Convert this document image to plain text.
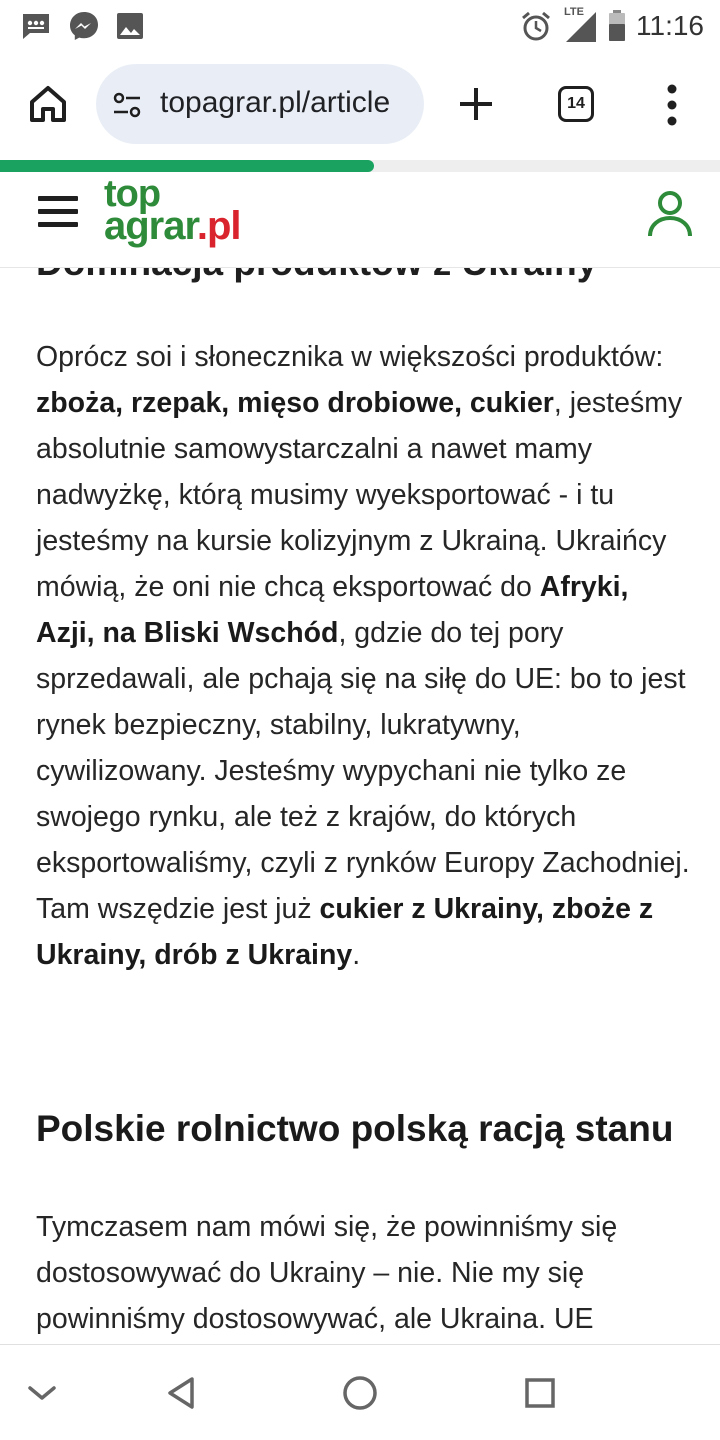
LTE 11:16
topagrar.pl/article	14
top
agrar.pl

Oprócz soi i słonecznika w większości produktów: zboża, rzepak, mięso drobiowe, cukier, jesteśmy absolutnie samowystarczalni a nawet mamy nadwyżkę, którą musimy wyeksportować - i tu jesteśmy na kursie kolizyjnym z Ukrainą. Ukraińcy mówią, że oni nie chcą eksportować do Afryki, Azji, na Bliski Wschód, gdzie do tej pory sprzedawali, ale pchają się na siłę do UE: bo to jest rynek bezpieczny, stabilny, lukratywny, cywilizowany. Jesteśmy wypychani nie tylko ze swojego rynku, ale też z krajów, do których eksportowaliśmy, czyli z rynków Europy Zachodniej. Tam wszędzie jest już cukier z Ukrainy, zboże z Ukrainy, drób z Ukrainy.

Polskie rolnictwo polską racją stanu

Tymczasem nam mówi się, że powinniśmy się dostosowywać do Ukrainy – nie. Nie my się powinniśmy dostosowywać, ale Ukraina. UE
